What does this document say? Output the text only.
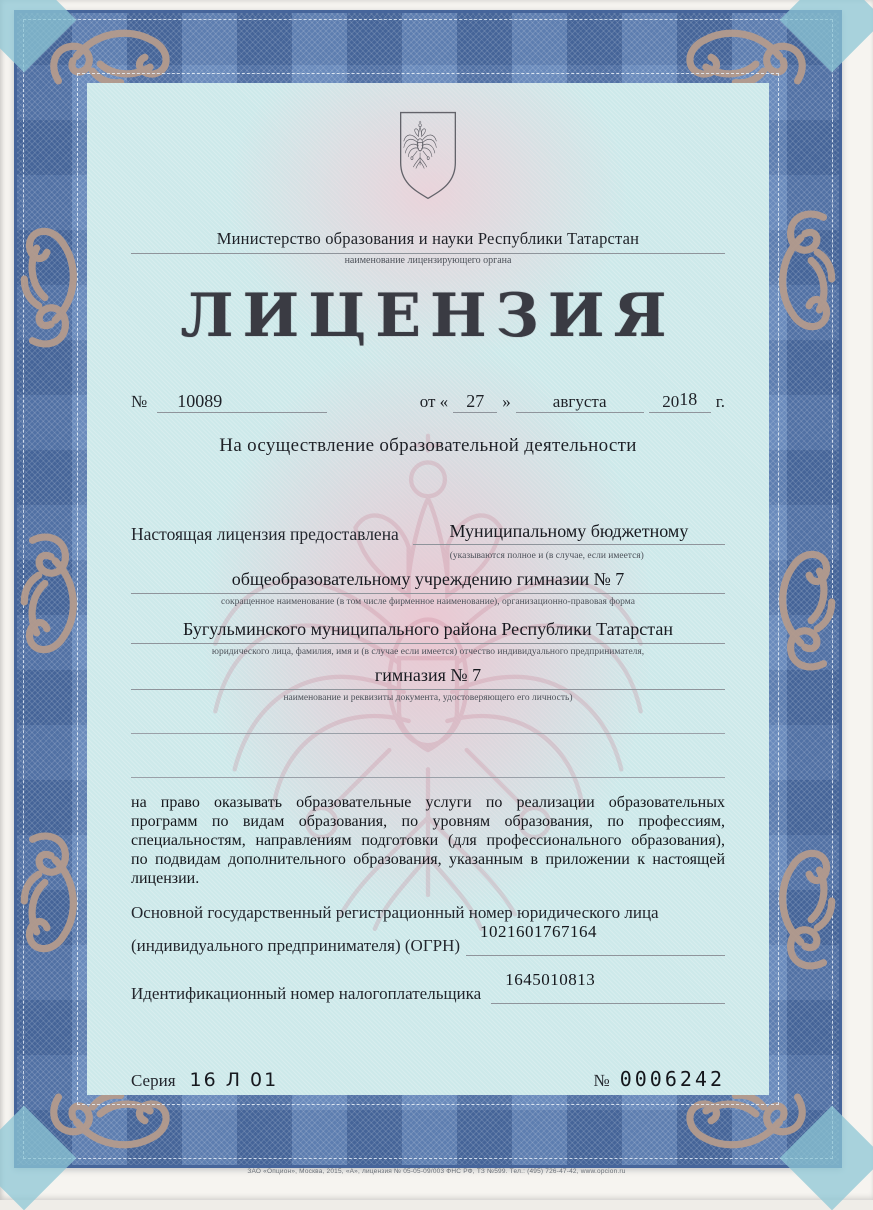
Министерство образования и науки Республики Татарстан
наименование лицензирующего органа
ЛИЦЕНЗИЯ
№	10089	от «	27	»	августа	2018	г.
На осуществление образовательной деятельности
Настоящая лицензия предоставлена	Муниципальному бюджетному
(указываются полное и (в случае, если имеется)
общеобразовательному учреждению гимназии № 7
сокращенное наименование (в том числе фирменное наименование), организационно-правовая форма
Бугульминского муниципального района Республики Татарстан
юридического лица, фамилия, имя и (в случае если имеется) отчество индивидуального предпринимателя,
гимназия № 7
наименование и реквизиты документа, удостоверяющего его личность)
на право оказывать образовательные услуги по реализации образовательных программ по видам образования, по уровням образования, по профессиям, специальностям, направлениям подготовки (для профессионального образования), по подвидам дополнительного образования, указанным в приложении к настоящей лицензии.
Основной государственный регистрационный номер юридического лица
(индивидуального предпринимателя) (ОГРН)
1021601767164
Идентификационный номер налогоплательщика
1645010813
Серия 16 Л 01	№ 0006242
ЗАО «Опцион», Москва, 2015, «А», лицензия № 05-05-09/003 ФНС РФ, ТЗ №599. Тел.: (495) 726-47-42, www.opcion.ru
